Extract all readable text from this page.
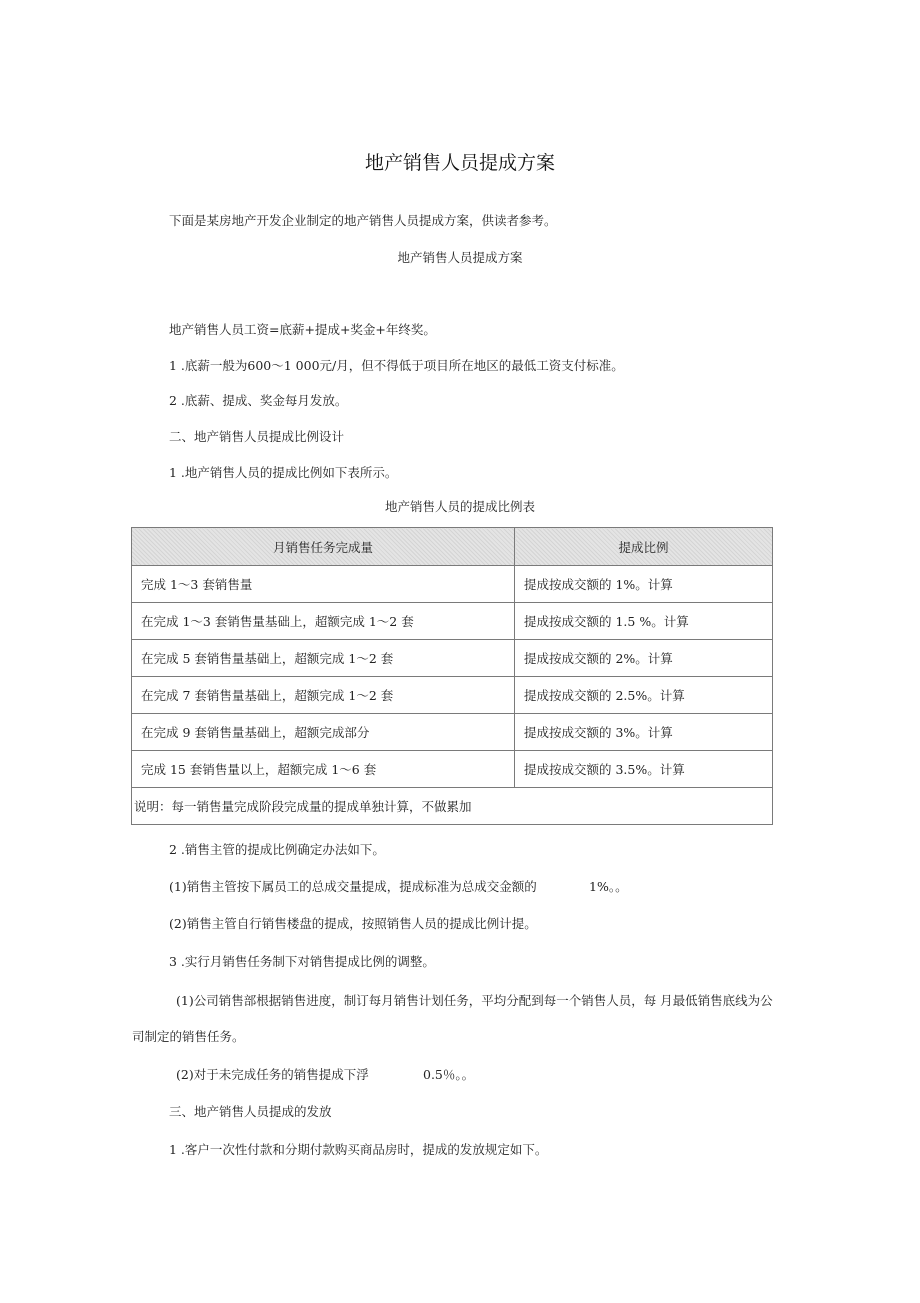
地产销售人员提成方案
下面是某房地产开发企业制定的地产销售人员提成方案，供读者参考。
地产销售人员提成方案
地产销售人员工资=底薪+提成+奖金+年终奖。
1 .底薪一般为600～1 000元/月，但不得低于项目所在地区的最低工资支付标准。
2 .底薪、提成、奖金每月发放。
二、地产销售人员提成比例设计
1 .地产销售人员的提成比例如下表所示。
地产销售人员的提成比例表
月销售任务完成量	提成比例
完成 1～3 套销售量	提成按成交额的 1%。计算
在完成 1～3 套销售量基础上，超额完成 1～2 套	提成按成交额的 1.5 %。计算
在完成 5 套销售量基础上，超额完成 1～2 套	提成按成交额的 2%。计算
在完成 7 套销售量基础上，超额完成 1～2 套	提成按成交额的 2.5%。计算
在完成 9 套销售量基础上，超额完成部分	提成按成交额的 3%。计算
完成 15 套销售量以上，超额完成 1～6 套	提成按成交额的 3.5%。计算
说明：每一销售量完成阶段完成量的提成单独计算，不做累加	
2 .销售主管的提成比例确定办法如下。
(1)销售主管按下属员工的总成交量提成，提成标准为总成交金额的	1%。。
(2)销售主管自行销售楼盘的提成，按照销售人员的提成比例计提。
3 .实行月销售任务制下对销售提成比例的调整。
(1)公司销售部根据销售进度，制订每月销售计划任务，平均分配到每一个销售人员，每 月最低销售底线为公
司制定的销售任务。
(2)对于未完成任务的销售提成下浮	0.5％。。
三、地产销售人员提成的发放
1 .客户一次性付款和分期付款购买商品房时，提成的发放规定如下。
